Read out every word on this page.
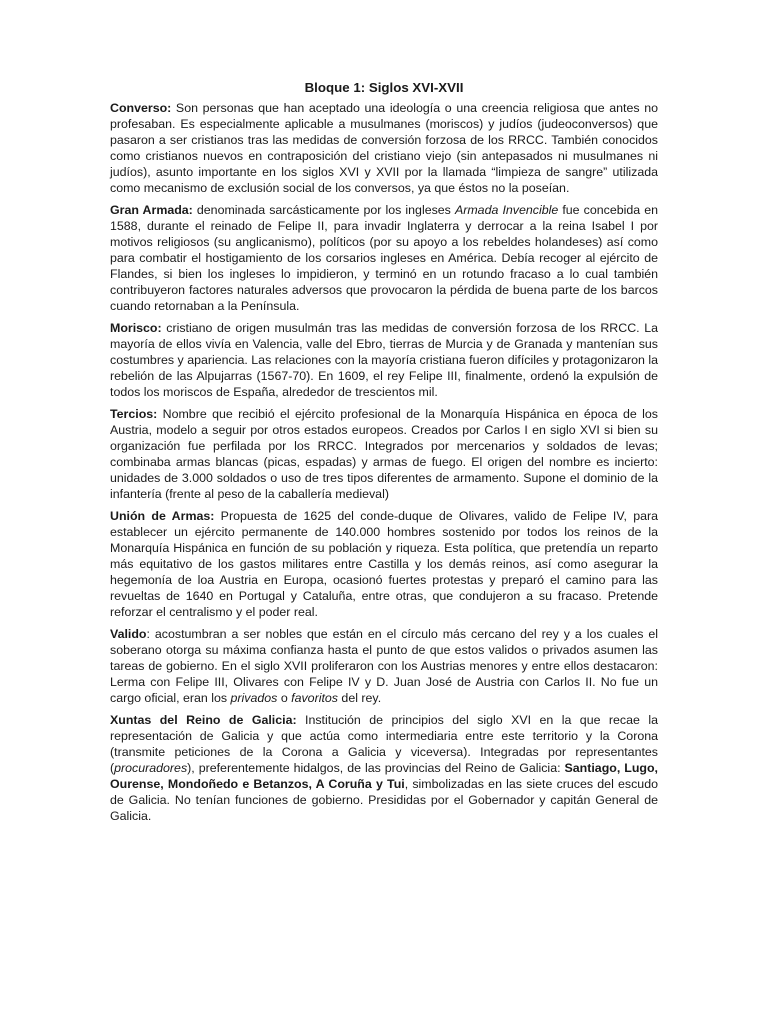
Bloque 1: Siglos XVI-XVII

Converso: Son personas que han aceptado una ideología o una creencia religiosa que antes no profesaban. Es especialmente aplicable a musulmanes (moriscos) y judíos (judeoconversos) que pasaron a ser cristianos tras las medidas de conversión forzosa de los RRCC. También conocidos como cristianos nuevos en contraposición del cristiano viejo (sin antepasados ni musulmanes ni judíos), asunto importante en los siglos XVI y XVII por la llamada “limpieza de sangre” utilizada como mecanismo de exclusión social de los conversos, ya que éstos no la poseían.

Gran Armada: denominada sarcásticamente por los ingleses Armada Invencible fue concebida en 1588, durante el reinado de Felipe II, para invadir Inglaterra y derrocar a la reina Isabel I por motivos religiosos (su anglicanismo), políticos (por su apoyo a los rebeldes holandeses) así como para combatir el hostigamiento de los corsarios ingleses en América. Debía recoger al ejército de Flandes, si bien los ingleses lo impidieron, y terminó en un rotundo fracaso a lo cual también contribuyeron factores naturales adversos que provocaron la pérdida de buena parte de los barcos cuando retornaban a la Península.

Morisco: cristiano de origen musulmán tras las medidas de conversión forzosa de los RRCC. La mayoría de ellos vivía en Valencia, valle del Ebro, tierras de Murcia y de Granada y mantenían sus costumbres y apariencia. Las relaciones con la mayoría cristiana fueron difíciles y protagonizaron la rebelión de las Alpujarras (1567-70). En 1609, el rey Felipe III, finalmente, ordenó la expulsión de todos los moriscos de España, alrededor de trescientos mil.

Tercios: Nombre que recibió el ejército profesional de la Monarquía Hispánica en época de los Austria, modelo a seguir por otros estados europeos. Creados por Carlos I en siglo XVI si bien su organización fue perfilada por los RRCC. Integrados por mercenarios y soldados de levas; combinaba armas blancas (picas, espadas) y armas de fuego. El origen del nombre es incierto: unidades de 3.000 soldados o uso de tres tipos diferentes de armamento. Supone el dominio de la infantería (frente al peso de la caballería medieval)

Unión de Armas: Propuesta de 1625 del conde-duque de Olivares, valido de Felipe IV, para establecer un ejército permanente de 140.000 hombres sostenido por todos los reinos de la Monarquía Hispánica en función de su población y riqueza. Esta política, que pretendía un reparto más equitativo de los gastos militares entre Castilla y los demás reinos, así como asegurar la hegemonía de loa Austria en Europa, ocasionó fuertes protestas y preparó el camino para las revueltas de 1640 en Portugal y Cataluña, entre otras, que condujeron a su fracaso. Pretende reforzar el centralismo y el poder real.

Valido: acostumbran a ser nobles que están en el círculo más cercano del rey y a los cuales el soberano otorga su máxima confianza hasta el punto de que estos validos o privados asumen las tareas de gobierno. En el siglo XVII proliferaron con los Austrias menores y entre ellos destacaron: Lerma con Felipe III, Olivares con Felipe IV y D. Juan José de Austria con Carlos II. No fue un cargo oficial, eran los privados o favoritos del rey.

Xuntas del Reino de Galicia: Institución de principios del siglo XVI en la que recae la representación de Galicia y que actúa como intermediaria entre este territorio y la Corona (transmite peticiones de la Corona a Galicia y viceversa). Integradas por representantes (procuradores), preferentemente hidalgos, de las provincias del Reino de Galicia: Santiago, Lugo, Ourense, Mondoñedo e Betanzos, A Coruña y Tui, simbolizadas en las siete cruces del escudo de Galicia. No tenían funciones de gobierno. Presididas por el Gobernador y capitán General de Galicia.
